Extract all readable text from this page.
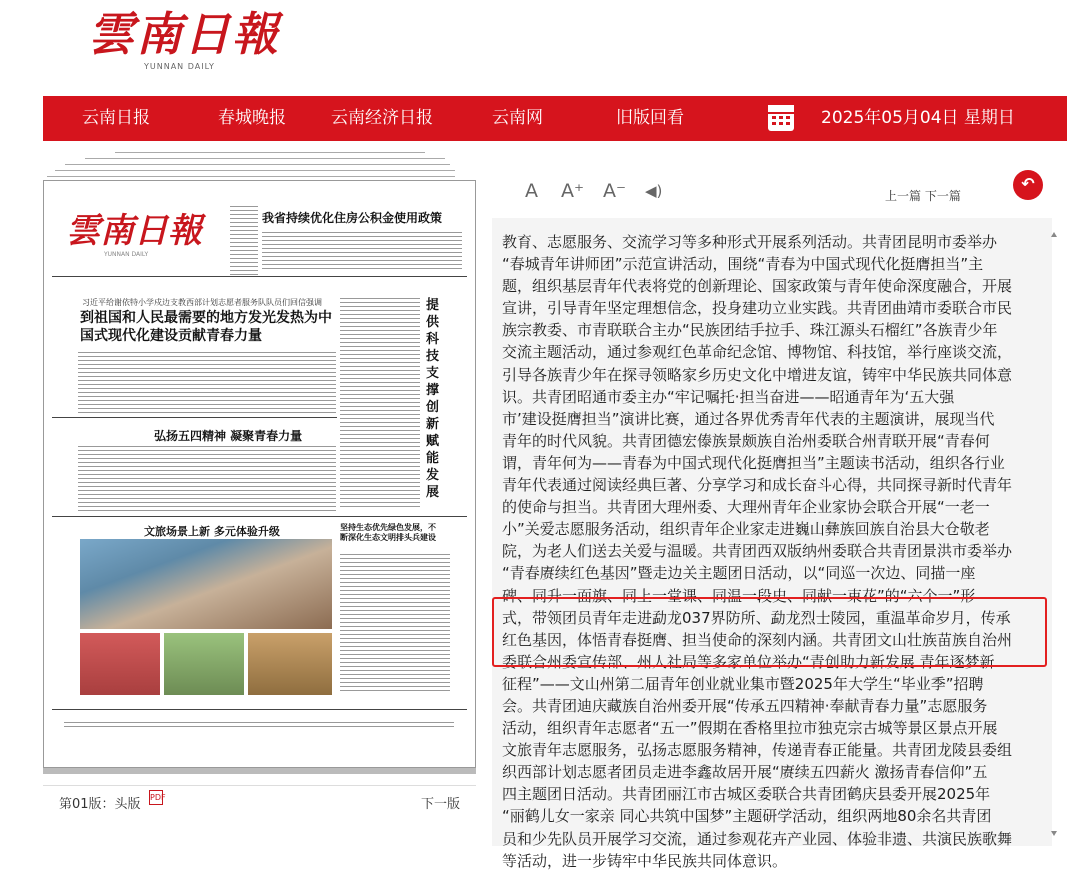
雲南日報
YUNNAN DAILY
云南日报	春城晚报	云南经济日报	云南网	旧版回看	2025年05月04日 星期日
雲南日報
YUNNAN DAILY
我省持续优化住房公积金使用政策
习近平给谢依特小学戍边支教西部计划志愿者服务队队员们回信强调
到祖国和人民最需要的地方发光发热为中国式现代化建设贡献青春力量
提供科技支撑创新赋能发展
弘扬五四精神 凝聚青春力量
文旅场景上新 多元体验升级	坚持生态优先绿色发展，不断深化生态文明排头兵建设
第01版：头版 PDF	下一版
A A⁺ A⁻ ◀︎)	上一篇 下一篇
↶
教育、志愿服务、交流学习等多种形式开展系列活动。共青团昆明市委举办
“春城青年讲师团”示范宣讲活动，围绕“青春为中国式现代化挺膺担当”主
题，组织基层青年代表将党的创新理论、国家政策与青年使命深度融合，开展
宣讲，引导青年坚定理想信念，投身建功立业实践。共青团曲靖市委联合市民
族宗教委、市青联联合主办“民族团结手拉手、珠江源头石榴红”各族青少年
交流主题活动，通过参观红色革命纪念馆、博物馆、科技馆，举行座谈交流，
引导各族青少年在探寻领略家乡历史文化中增进友谊，铸牢中华民族共同体意
识。共青团昭通市委主办“牢记嘱托·担当奋进——昭通青年为‘五大强
市’建设挺膺担当”演讲比赛，通过各界优秀青年代表的主题演讲，展现当代
青年的时代风貌。共青团德宏傣族景颇族自治州委联合州青联开展“青春何
谓，青年何为——青春为中国式现代化挺膺担当”主题读书活动，组织各行业
青年代表通过阅读经典巨著、分享学习和成长奋斗心得，共同探寻新时代青年
的使命与担当。共青团大理州委、大理州青年企业家协会联合开展“一老一
小”关爱志愿服务活动，组织青年企业家走进巍山彝族回族自治县大仓敬老
院，为老人们送去关爱与温暖。共青团西双版纳州委联合共青团景洪市委举办
“青春赓续红色基因”暨走边关主题团日活动，以“同巡一次边、同描一座
碑、同升一面旗、同上一堂课、同温一段史、同献一束花”的“六个一”形
式，带领团员青年走进勐龙037界防所、勐龙烈士陵园，重温革命岁月，传承
红色基因，体悟青春挺膺、担当使命的深刻内涵。共青团文山壮族苗族自治州
委联合州委宣传部、州人社局等多家单位举办“青创助力新发展 青年逐梦新
征程”——文山州第二届青年创业就业集市暨2025年大学生“毕业季”招聘
会。共青团迪庆藏族自治州委开展“传承五四精神·奉献青春力量”志愿服务
活动，组织青年志愿者“五一”假期在香格里拉市独克宗古城等景区景点开展
文旅青年志愿服务，弘扬志愿服务精神，传递青春正能量。共青团龙陵县委组
织西部计划志愿者团员走进李鑫故居开展“赓续五四薪火 激扬青春信仰”五
四主题团日活动。共青团丽江市古城区委联合共青团鹤庆县委开展2025年
“丽鹤儿女一家亲 同心共筑中国梦”主题研学活动，组织两地80余名共青团
员和少先队员开展学习交流，通过参观花卉产业园、体验非遗、共演民族歌舞
等活动，进一步铸牢中华民族共同体意识。
